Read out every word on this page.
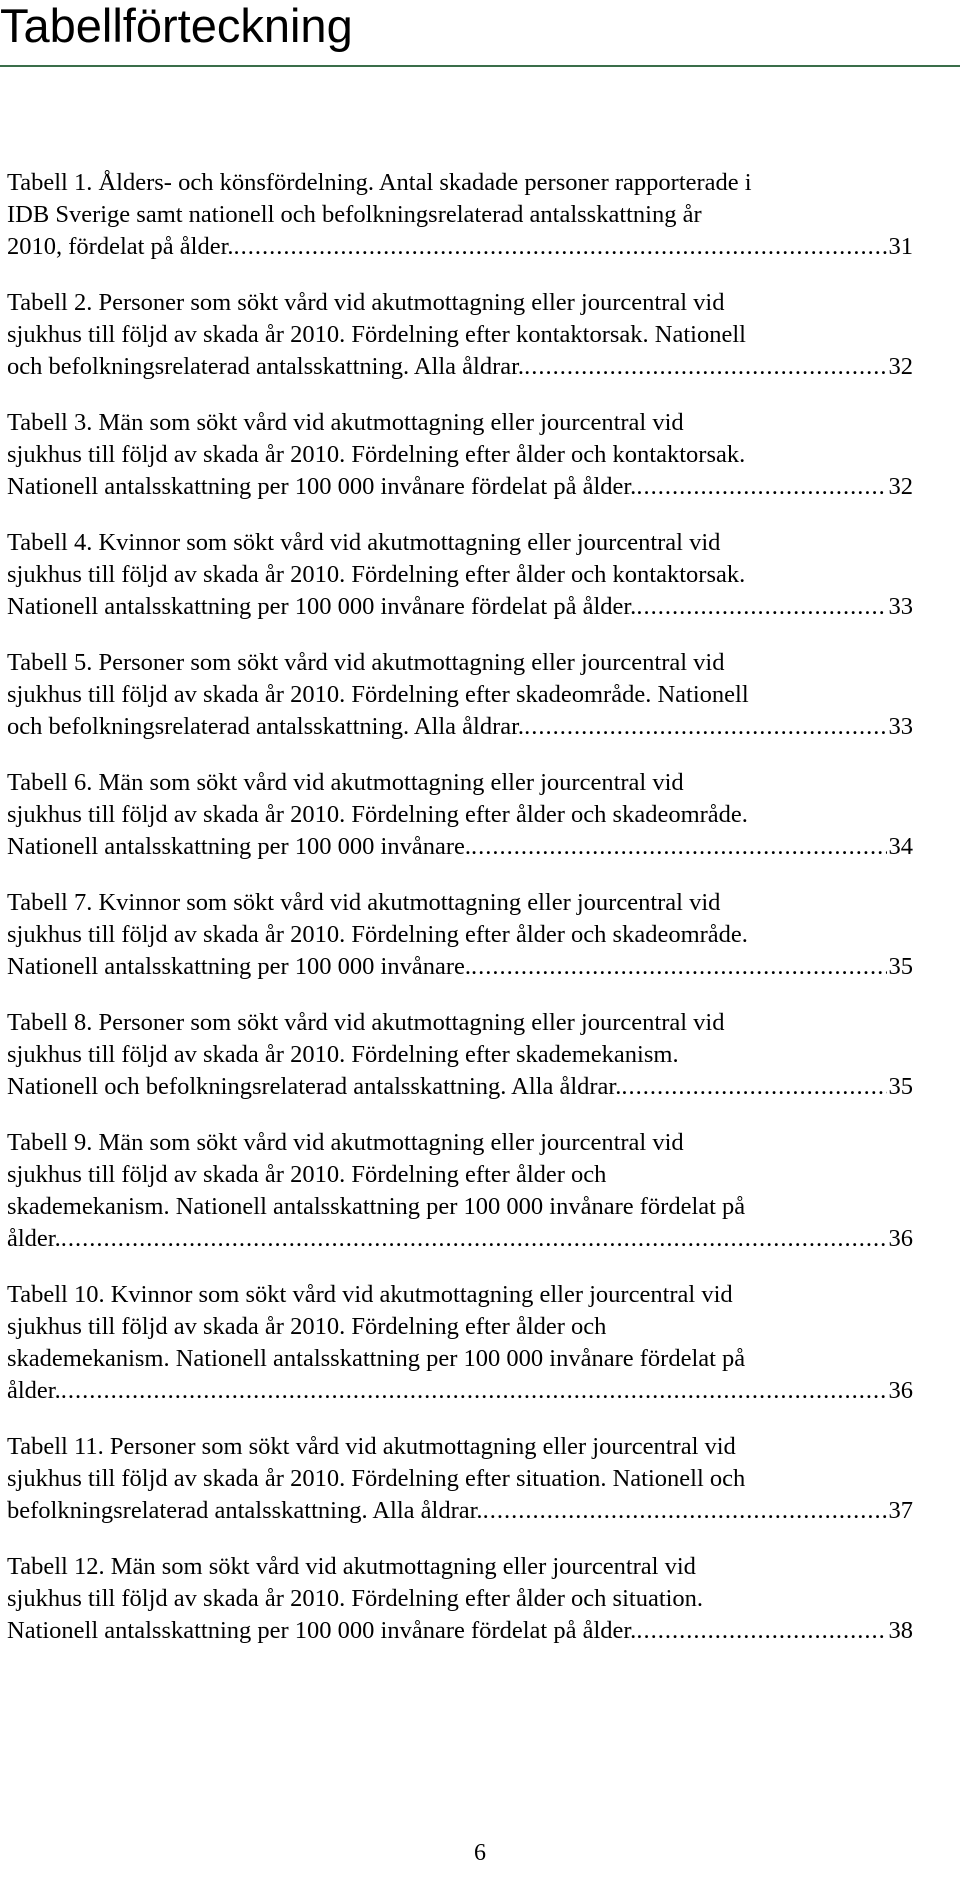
Tabellförteckning
Tabell 1. Ålders- och könsfördelning. Antal skadade personer rapporterade i
IDB Sverige samt nationell och befolkningsrelaterad antalsskattning år
2010, fördelat på ålder. .....	31
Tabell 2. Personer som sökt vård vid akutmottagning eller jourcentral vid
sjukhus till följd av skada år 2010. Fördelning efter kontaktorsak. Nationell
och befolkningsrelaterad antalsskattning. Alla åldrar. .....	32
Tabell 3. Män som sökt vård vid akutmottagning eller jourcentral vid
sjukhus till följd av skada år 2010. Fördelning efter ålder och kontaktorsak.
Nationell antalsskattning per 100 000 invånare fördelat på ålder. .....	32
Tabell 4. Kvinnor som sökt vård vid akutmottagning eller jourcentral vid
sjukhus till följd av skada år 2010. Fördelning efter ålder och kontaktorsak.
Nationell antalsskattning per 100 000 invånare fördelat på ålder. .....	33
Tabell 5. Personer som sökt vård vid akutmottagning eller jourcentral vid
sjukhus till följd av skada år 2010. Fördelning efter skadeområde. Nationell
och befolkningsrelaterad antalsskattning. Alla åldrar. .....	33
Tabell 6. Män som sökt vård vid akutmottagning eller jourcentral vid
sjukhus till följd av skada år 2010. Fördelning efter ålder och skadeområde.
Nationell antalsskattning per 100 000 invånare. .....	34
Tabell 7. Kvinnor som sökt vård vid akutmottagning eller jourcentral vid
sjukhus till följd av skada år 2010. Fördelning efter ålder och skadeområde.
Nationell antalsskattning per 100 000 invånare. .....	35
Tabell 8. Personer som sökt vård vid akutmottagning eller jourcentral vid
sjukhus till följd av skada år 2010. Fördelning efter skademekanism.
Nationell och befolkningsrelaterad antalsskattning. Alla åldrar. .....	35
Tabell 9. Män som sökt vård vid akutmottagning eller jourcentral vid
sjukhus till följd av skada år 2010. Fördelning efter ålder och
skademekanism. Nationell antalsskattning per 100 000 invånare fördelat på
ålder. .....	36
Tabell 10. Kvinnor som sökt vård vid akutmottagning eller jourcentral vid
sjukhus till följd av skada år 2010. Fördelning efter ålder och
skademekanism. Nationell antalsskattning per 100 000 invånare fördelat på
ålder. .....	36
Tabell 11. Personer som sökt vård vid akutmottagning eller jourcentral vid
sjukhus till följd av skada år 2010. Fördelning efter situation. Nationell och
befolkningsrelaterad antalsskattning. Alla åldrar. .....	37
Tabell 12. Män som sökt vård vid akutmottagning eller jourcentral vid
sjukhus till följd av skada år 2010. Fördelning efter ålder och situation.
Nationell antalsskattning per 100 000 invånare fördelat på ålder. .....	38
6
